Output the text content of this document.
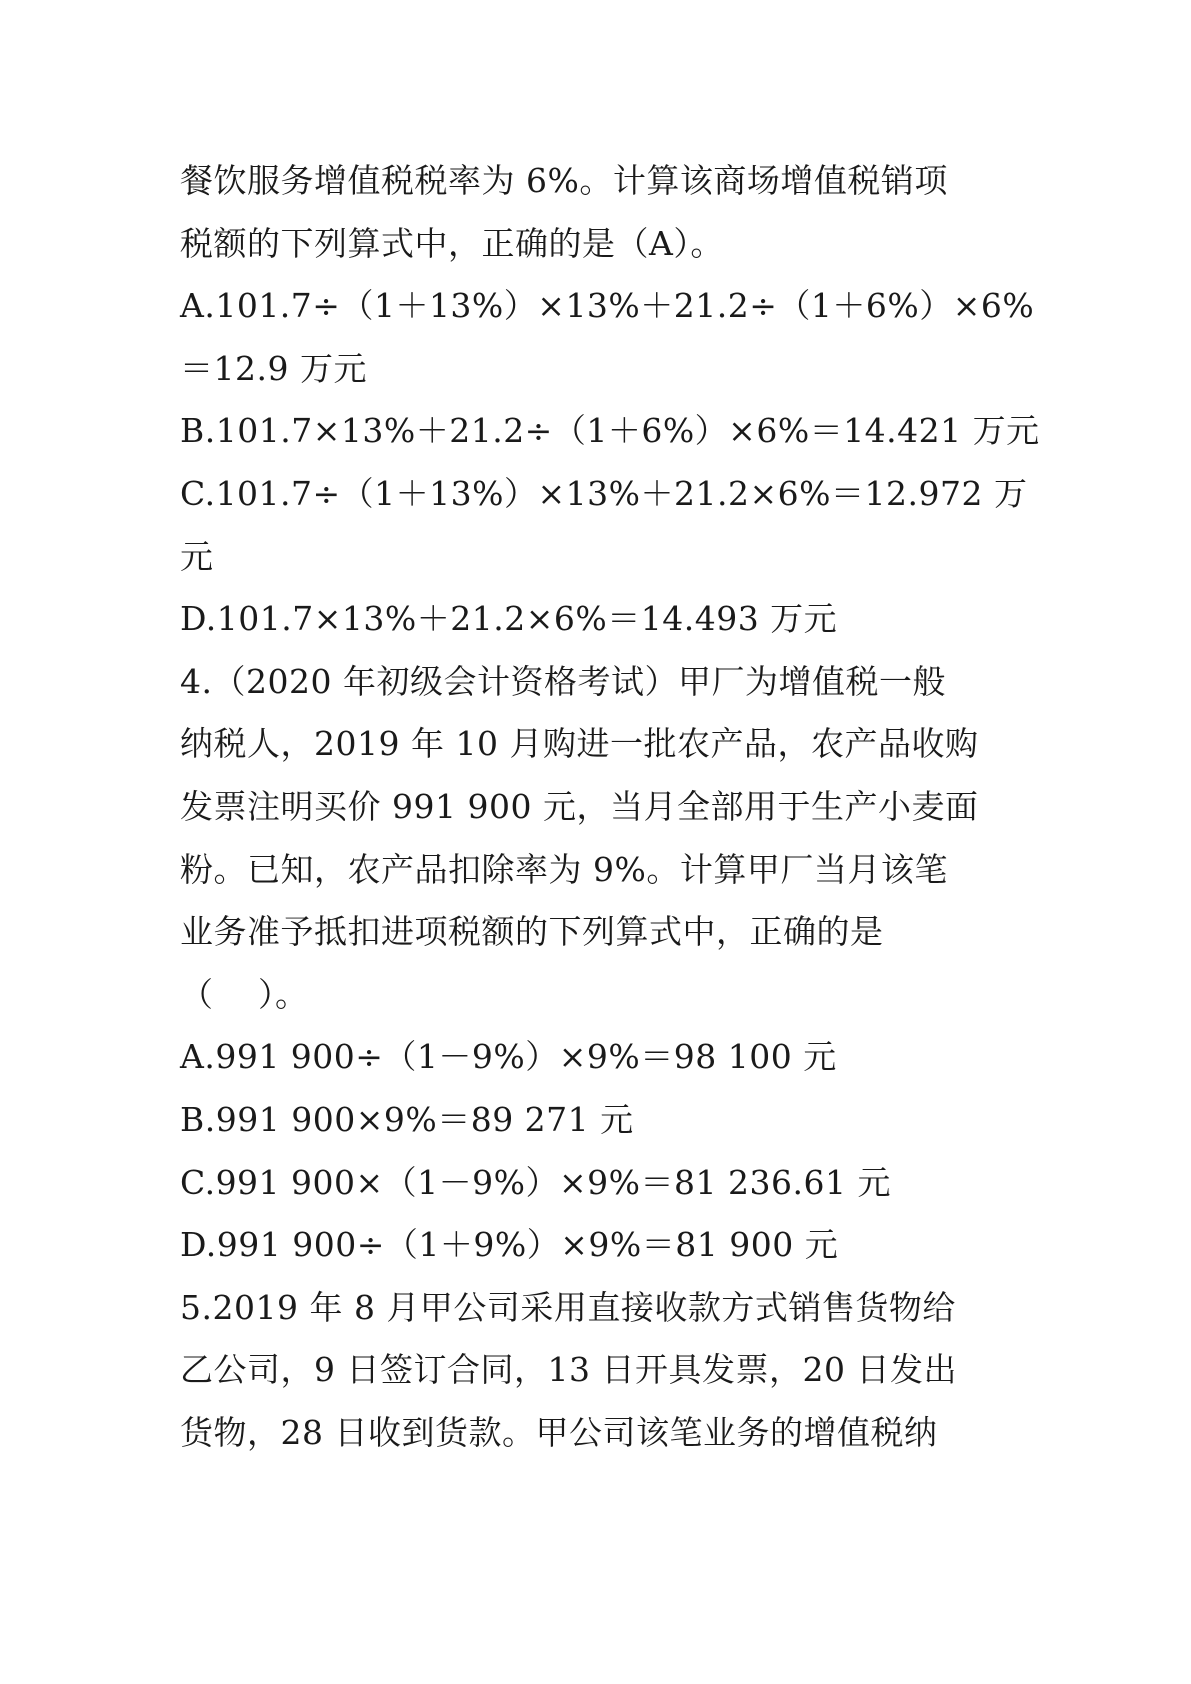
餐饮服务增值税税率为 6%。计算该商场增值税销项
税额的下列算式中，正确的是（A）。
A.101.7÷（1＋13%）×13%＋21.2÷（1＋6%）×6%
＝12.9 万元
B.101.7×13%＋21.2÷（1＋6%）×6%＝14.421 万元
C.101.7÷（1＋13%）×13%＋21.2×6%＝12.972 万
元
D.101.7×13%＋21.2×6%＝14.493 万元
4.（2020 年初级会计资格考试）甲厂为增值税一般
纳税人，2019 年 10 月购进一批农产品，农产品收购
发票注明买价 991 900 元，当月全部用于生产小麦面
粉。已知，农产品扣除率为 9%。计算甲厂当月该笔
业务准予抵扣进项税额的下列算式中，正确的是
（　 ）。
A.991 900÷（1－9%）×9%＝98 100 元
B.991 900×9%＝89 271 元
C.991 900×（1－9%）×9%＝81 236.61 元
D.991 900÷（1＋9%）×9%＝81 900 元
5.2019 年 8 月甲公司采用直接收款方式销售货物给
乙公司，9 日签订合同，13 日开具发票，20 日发出
货物，28 日收到货款。甲公司该笔业务的增值税纳
